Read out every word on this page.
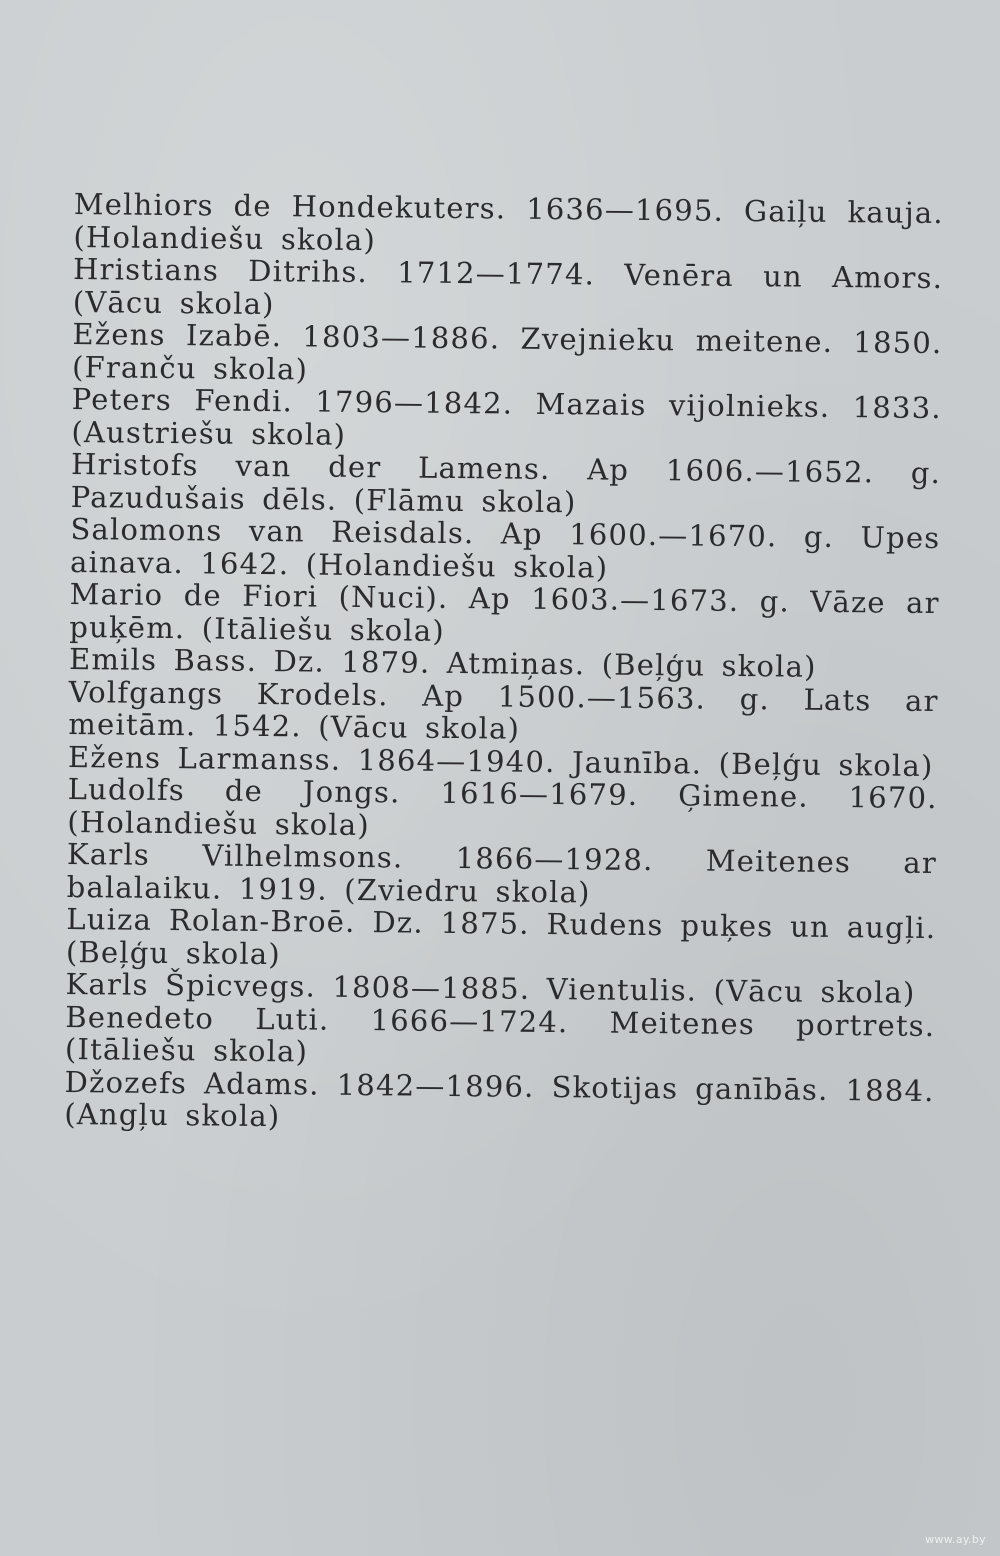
Melhiors de Hondekuters. 1636—1695. Gaiļu kauja. (Holandiešu skola)

Hristians Ditrihs. 1712—1774. Venēra un Amors. (Vācu skola)

Ežens Izabē. 1803—1886. Zvejnieku meitene. 1850. (Franču skola)

Peters Fendi. 1796—1842. Mazais vijolnieks. 1833. (Austriešu skola)

Hristofs van der Lamens. Ap 1606.—1652. g. Pazudušais dēls. (Flāmu skola)

Salomons van Reisdals. Ap 1600.—1670. g. Upes ainava. 1642. (Holandiešu skola)

Mario de Fiori (Nuci). Ap 1603.—1673. g. Vāze ar puķēm. (Itāliešu skola)

Emils Bass. Dz. 1879. Atmiņas. (Beļģu skola)

Volfgangs Krodels. Ap 1500.—1563. g. Lats ar meitām. 1542. (Vācu skola)

Ežens Larmanss. 1864—1940. Jaunība. (Beļģu skola)

Ludolfs de Jongs. 1616—1679. Ģimene. 1670. (Holandiešu skola)

Karls Vilhelmsons. 1866—1928. Meitenes ar balalaiku. 1919. (Zviedru skola)

Luiza Rolan-Broē. Dz. 1875. Rudens puķes un augļi. (Beļģu skola)

Karls Špicvegs. 1808—1885. Vientulis. (Vācu skola)

Benedeto Luti. 1666—1724. Meitenes portrets. (Itāliešu skola)

Džozefs Adams. 1842—1896. Skotijas ganībās. 1884. (Angļu skola)

www.ay.by
